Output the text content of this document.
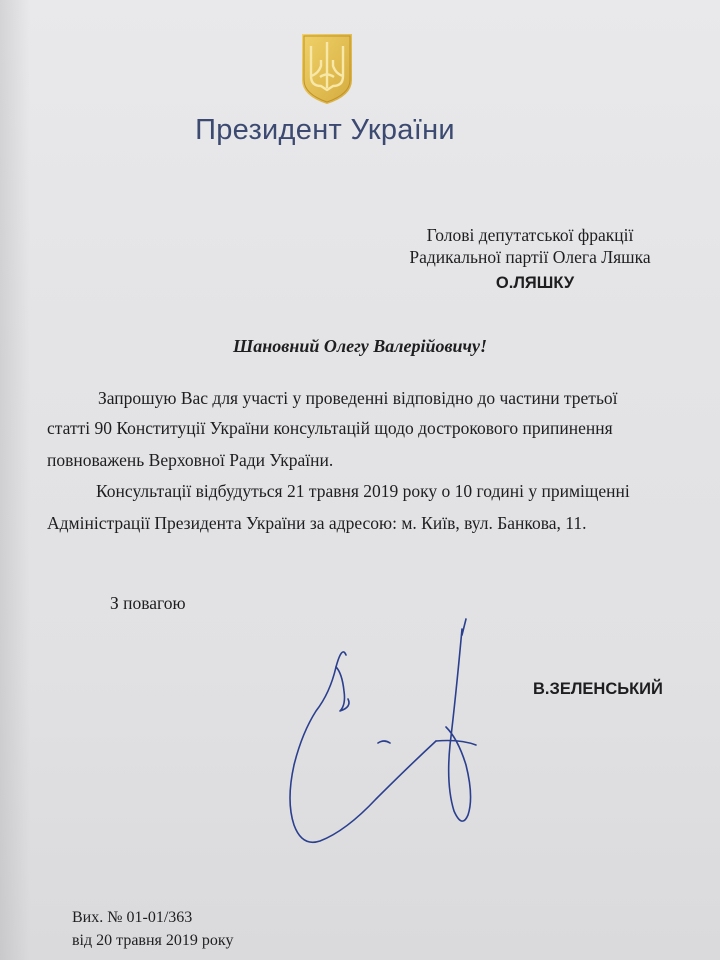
Президент України
Голові депутатської фракції
Радикальної партії Олега Ляшка
О.ЛЯШКУ
Шановний Олегу Валерійовичу!
Запрошую Вас для участі у проведенні відповідно до частини третьої
статті 90 Конституції України консультацій щодо дострокового припинення
повноважень Верховної Ради України.
Консультації відбудуться 21 травня 2019 року о 10 годині у приміщенні
Адміністрації Президента України за адресою: м. Київ, вул. Банкова, 11.
З повагою
В.ЗЕЛЕНСЬКИЙ
Вих. № 01-01/363
від 20 травня 2019 року
